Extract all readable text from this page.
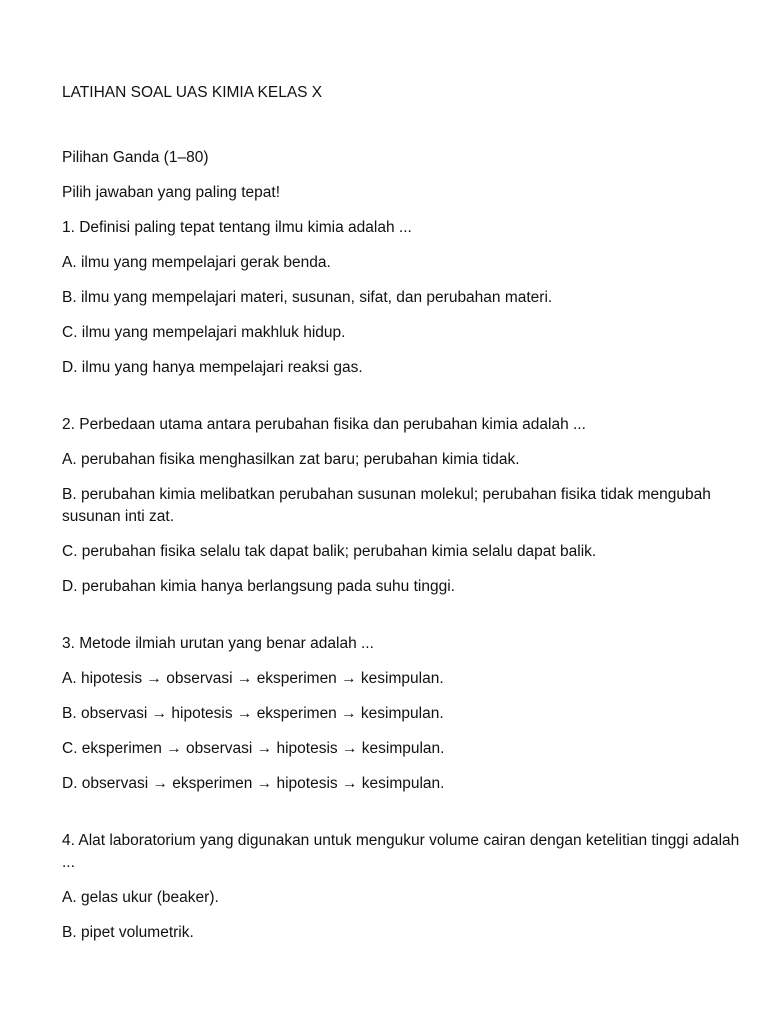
LATIHAN SOAL UAS KIMIA KELAS X

Pilihan Ganda (1–80)

Pilih jawaban yang paling tepat!

1. Definisi paling tepat tentang ilmu kimia adalah ...

A. ilmu yang mempelajari gerak benda.

B. ilmu yang mempelajari materi, susunan, sifat, dan perubahan materi.

C. ilmu yang mempelajari makhluk hidup.

D. ilmu yang hanya mempelajari reaksi gas.

2. Perbedaan utama antara perubahan fisika dan perubahan kimia adalah ...

A. perubahan fisika menghasilkan zat baru; perubahan kimia tidak.

B. perubahan kimia melibatkan perubahan susunan molekul; perubahan fisika tidak mengubah susunan inti zat.

C. perubahan fisika selalu tak dapat balik; perubahan kimia selalu dapat balik.

D. perubahan kimia hanya berlangsung pada suhu tinggi.

3. Metode ilmiah urutan yang benar adalah ...

A. hipotesis → observasi → eksperimen → kesimpulan.

B. observasi → hipotesis → eksperimen → kesimpulan.

C. eksperimen → observasi → hipotesis → kesimpulan.

D. observasi → eksperimen → hipotesis → kesimpulan.

4. Alat laboratorium yang digunakan untuk mengukur volume cairan dengan ketelitian tinggi adalah ...

A. gelas ukur (beaker).

B. pipet volumetrik.
